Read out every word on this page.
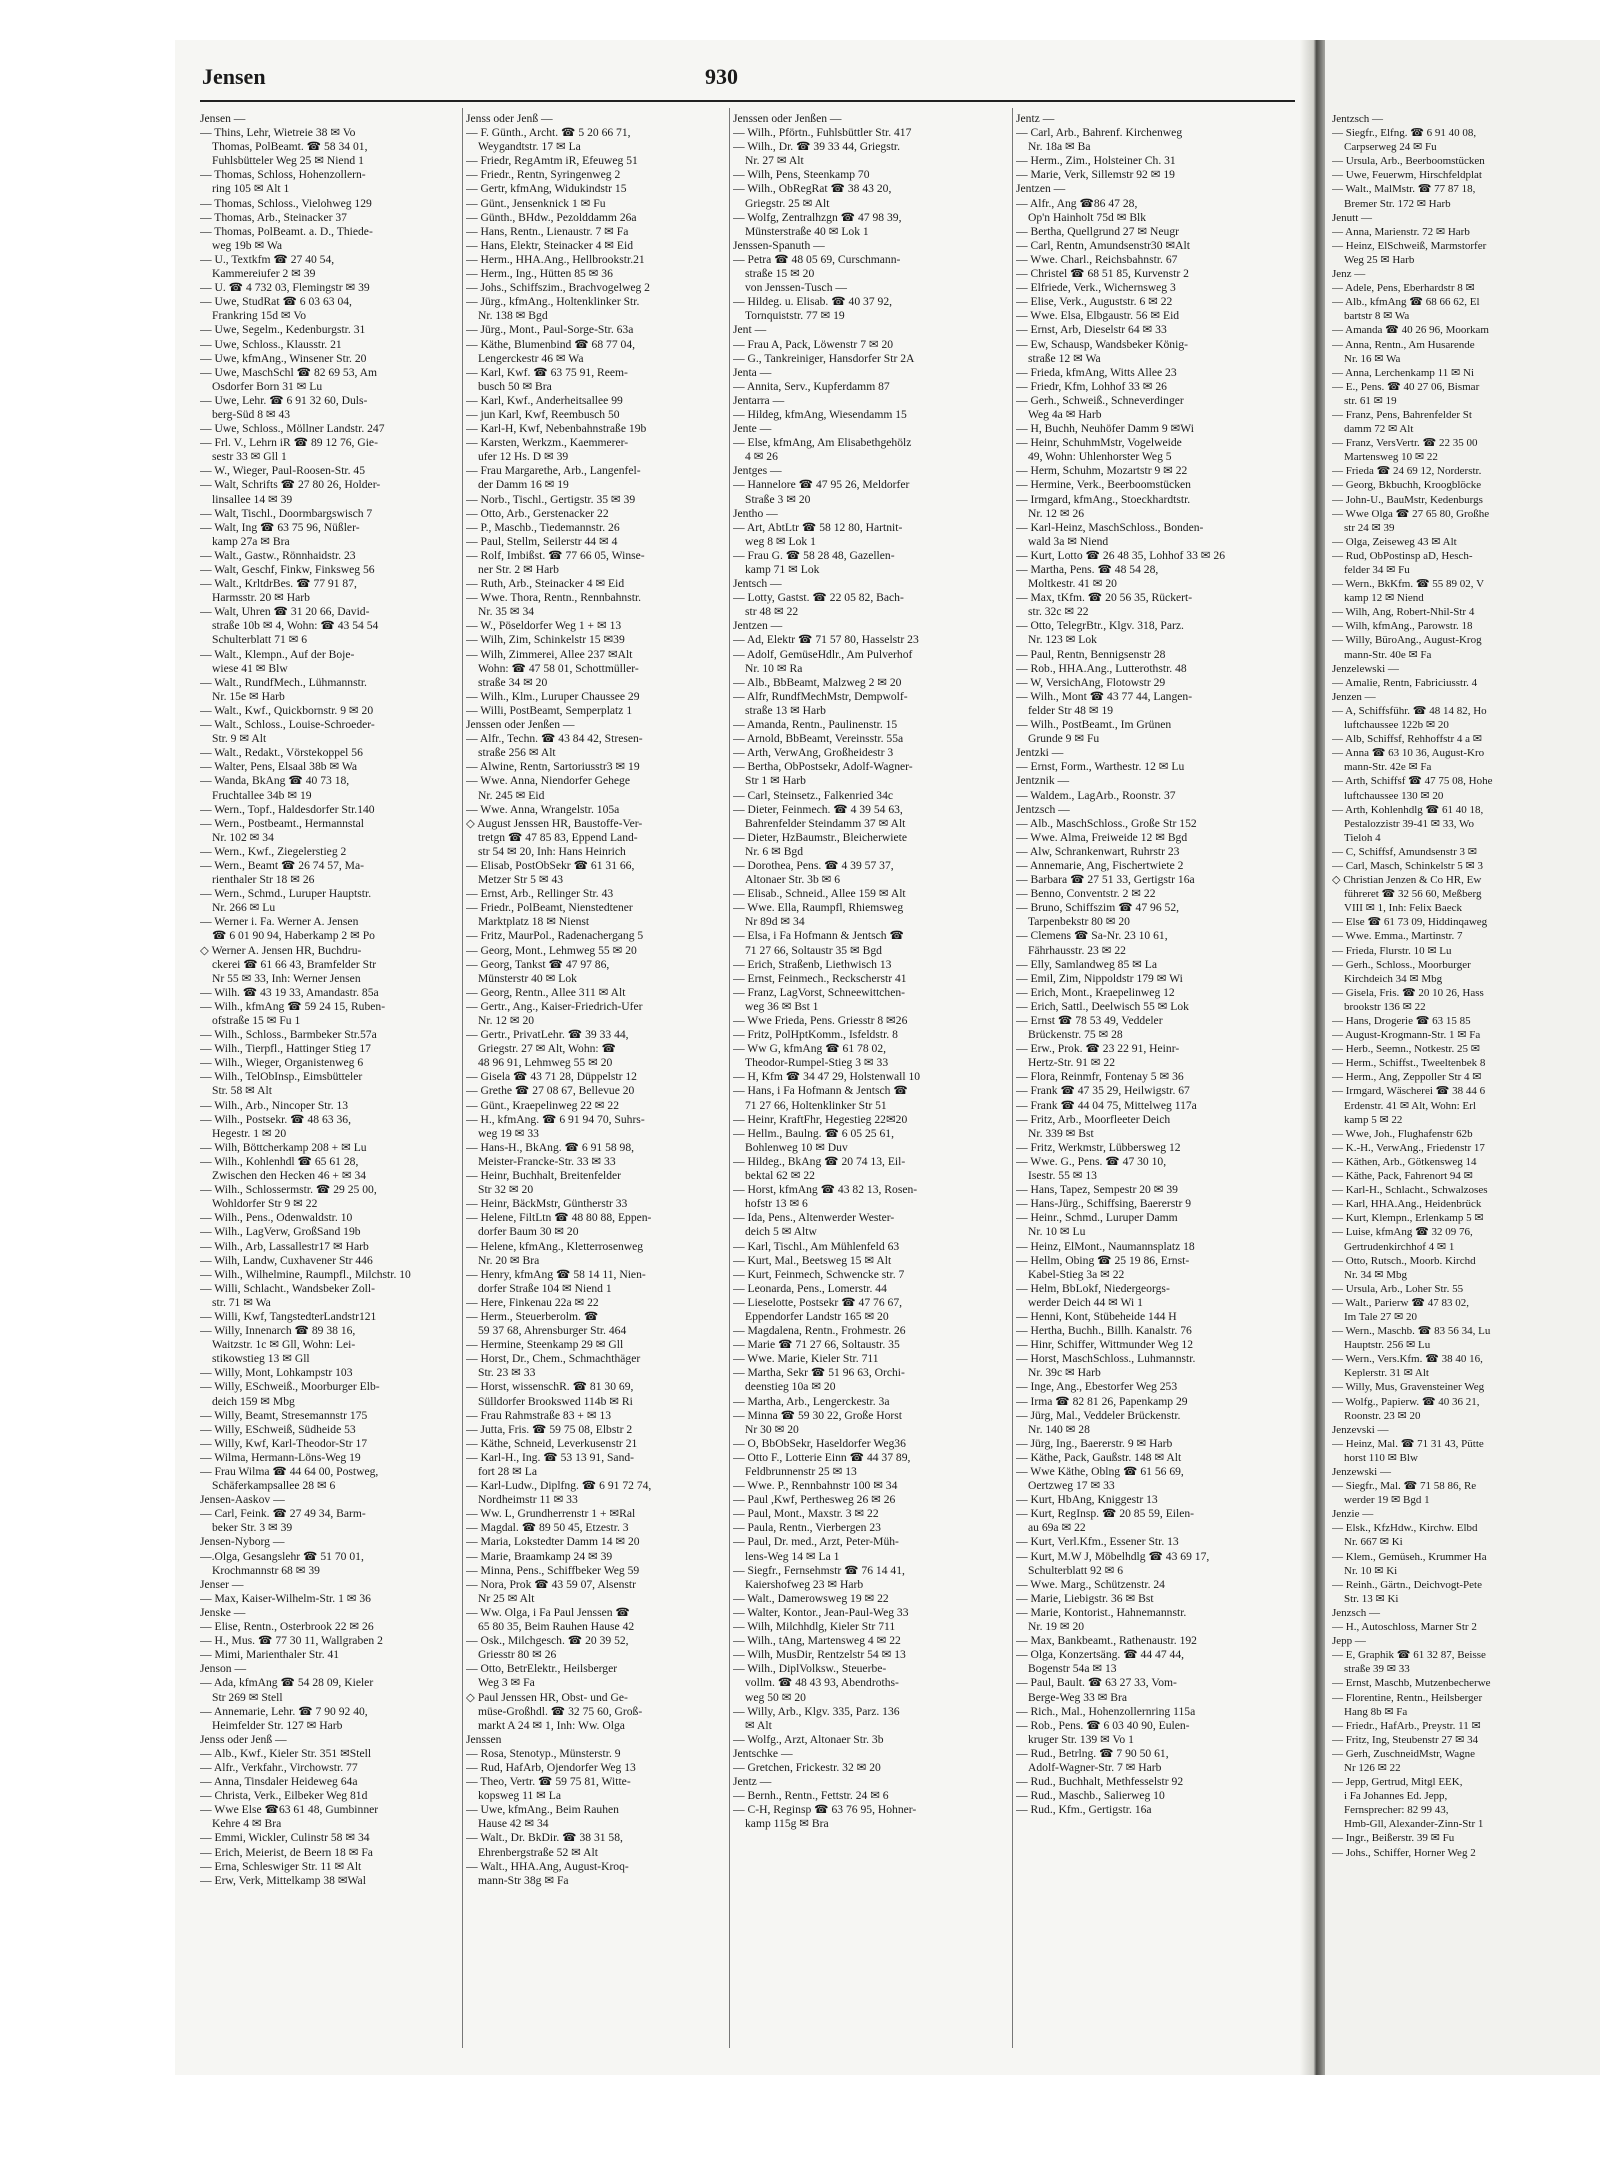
Jensen	930
Jensen —
— Thins, Lehr, Wietreie 38 ✉ Vo
Thomas, PolBeamt. ☎ 58 34 01,
Fuhlsbütteler Weg 25 ✉ Niend 1
— Thomas, Schloss, Hohenzollern-
ring 105 ✉ Alt 1
— Thomas, Schloss., Vielohweg 129
— Thomas, Arb., Steinacker 37
— Thomas, PolBeamt. a. D., Thiede-
weg 19b ✉ Wa
— U., Textkfm ☎ 27 40 54,
Kammereiufer 2 ✉ 39
— U. ☎ 4 732 03, Flemingstr ✉ 39
— Uwe, StudRat ☎ 6 03 63 04,
Frankring 15d ✉ Vo
— Uwe, Segelm., Kedenburgstr. 31
— Uwe, Schloss., Klausstr. 21
— Uwe, kfmAng., Winsener Str. 20
— Uwe, MaschSchl ☎ 82 69 53, Am
Osdorfer Born 31 ✉ Lu
— Uwe, Lehr. ☎ 6 91 32 60, Duls-
berg-Süd 8 ✉ 43
— Uwe, Schloss., Möllner Landstr. 247
— Frl. V., Lehrn iR ☎ 89 12 76, Gie-
sestr 33 ✉ Gll 1
— W., Wieger, Paul-Roosen-Str. 45
— Walt, Schrifts ☎ 27 80 26, Holder-
linsallee 14 ✉ 39
— Walt, Tischl., Doormbargswisch 7
— Walt, Ing ☎ 63 75 96, Nüßler-
kamp 27a ✉ Bra
— Walt., Gastw., Rönnhaidstr. 23
— Walt, Geschf, Finkw, Finksweg 56
— Walt., KrltdrBes. ☎ 77 91 87,
Harmsstr. 20 ✉ Harb
— Walt, Uhren ☎ 31 20 66, David-
straße 10b ✉ 4, Wohn: ☎ 43 54 54
Schulterblatt 71 ✉ 6
— Walt., Klempn., Auf der Boje-
wiese 41 ✉ Blw
— Walt., RundfMech., Lühmannstr.
Nr. 15e ✉ Harb
— Walt., Kwf., Quickbornstr. 9 ✉ 20
— Walt., Schloss., Louise-Schroeder-
Str. 9 ✉ Alt
— Walt., Redakt., Vörstekoppel 56
— Walter, Pens, Elsaal 38b ✉ Wa
— Wanda, BkAng ☎ 40 73 18,
Fruchtallee 34b ✉ 19
— Wern., Topf., Haldesdorfer Str.140
— Wern., Postbeamt., Hermannstal
Nr. 102 ✉ 34
— Wern., Kwf., Ziegelerstieg 2
— Wern., Beamt ☎ 26 74 57, Ma-
rienthaler Str 18 ✉ 26
— Wern., Schmd., Luruper Hauptstr.
Nr. 266 ✉ Lu
— Werner i. Fa. Werner A. Jensen
☎ 6 01 90 94, Haberkamp 2 ✉ Po
◇ Werner A. Jensen HR, Buchdru-
ckerei ☎ 61 66 43, Bramfelder Str
Nr 55 ✉ 33, Inh: Werner Jensen
— Wilh. ☎ 43 19 33, Amandastr. 85a
— Wilh., kfmAng ☎ 59 24 15, Ruben-
ofstraße 15 ✉ Fu 1
— Wilh., Schloss., Barmbeker Str.57a
— Wilh., Tierpfl., Hattinger Stieg 17
— Wilh., Wieger, Organistenweg 6
— Wilh., TelObInsp., Eimsbütteler
Str. 58 ✉ Alt
— Wilh., Arb., Nincoper Str. 13
— Wilh., Postsekr. ☎ 48 63 36,
Hegestr. 1 ✉ 20
— Wilh, Böttcherkamp 208 + ✉ Lu
— Wilh., Kohlenhdl ☎ 65 61 28,
Zwischen den Hecken 46 + ✉ 34
— Wilh., Schlossermstr. ☎ 29 25 00,
Wohldorfer Str 9 ✉ 22
— Wilh., Pens., Odenwaldstr. 10
— Wilh., LagVerw, GroßSand 19b
— Wilh., Arb, Lassallestr17 ✉ Harb
— Wilh, Landw, Cuxhavener Str 446
— Wilh., Wilhelmine, Raumpfl., Milchstr. 10
— Willi, Schlacht., Wandsbeker Zoll-
str. 71 ✉ Wa
— Willi, Kwf, TangstedterLandstr121
— Willy, Innenarch ☎ 89 38 16,
Waitzstr. 1c ✉ Gll, Wohn: Lei-
stikowstieg 13 ✉ Gll
— Willy, Mont, Lohkampstr 103
— Willy, ESchweiß., Moorburger Elb-
deich 159 ✉ Mbg
— Willy, Beamt, Stresemannstr 175
— Willy, ESchweiß, Südheide 53
— Willy, Kwf, Karl-Theodor-Str 17
— Wilma, Hermann-Löns-Weg 19
— Frau Wilma ☎ 44 64 00, Postweg,
Schäferkampsallee 28 ✉ 6
Jensen-Aaskov —
— Carl, Feink. ☎ 27 49 34, Barm-
beker Str. 3 ✉ 39
Jensen-Nyborg —
—.Olga, Gesangslehr ☎ 51 70 01,
Krochmannstr 68 ✉ 39
Jenser —
— Max, Kaiser-Wilhelm-Str. 1 ✉ 36
Jenske —
— Elise, Rentn., Osterbrook 22 ✉ 26
— H., Mus. ☎ 77 30 11, Wallgraben 2
— Mimi, Marienthaler Str. 41
Jenson —
— Ada, kfmAng ☎ 54 28 09, Kieler
Str 269 ✉ Stell
— Annemarie, Lehr. ☎ 7 90 92 40,
Heimfelder Str. 127 ✉ Harb
Jenss oder Jenß —
— Alb., Kwf., Kieler Str. 351 ✉Stell
— Alfr., Verkfahr., Virchowstr. 77
— Anna, Tinsdaler Heideweg 64a
— Christa, Verk., Eilbeker Weg 81d
— Wwe Else ☎63 61 48, Gumbinner
Kehre 4 ✉ Bra
— Emmi, Wickler, Culinstr 58 ✉ 34
— Erich, Meierist, de Beern 18 ✉ Fa
— Erna, Schleswiger Str. 11 ✉ Alt
— Erw, Verk, Mittelkamp 38 ✉Wal
Jenss oder Jenß —
— F. Günth., Archt. ☎ 5 20 66 71,
Weygandtstr. 17 ✉ La
— Friedr, RegAmtm iR, Efeuweg 51
— Friedr., Rentn, Syringenweg 2
— Gertr, kfmAng, Widukindstr 15
— Günt., Jensenknick 1 ✉ Fu
— Günth., BHdw., Pezolddamm 26a
— Hans, Rentn., Lienaustr. 7 ✉ Fa
— Hans, Elektr, Steinacker 4 ✉ Eid
— Herm., HHA.Ang., Hellbrookstr.21
— Herm., Ing., Hütten 85 ✉ 36
— Johs., Schiffszim., Brachvogelweg 2
— Jürg., kfmAng., Holtenklinker Str.
Nr. 138 ✉ Bgd
— Jürg., Mont., Paul-Sorge-Str. 63a
— Käthe, Blumenbind ☎ 68 77 04,
Lengerckestr 46 ✉ Wa
— Karl, Kwf. ☎ 63 75 91, Reem-
busch 50 ✉ Bra
— Karl, Kwf., Anderheitsallee 99
— jun Karl, Kwf, Reembusch 50
— Karl-H, Kwf, Nebenbahnstraße 19b
— Karsten, Werkzm., Kaemmerer-
ufer 12 Hs. D ✉ 39
— Frau Margarethe, Arb., Langenfel-
der Damm 16 ✉ 19
— Norb., Tischl., Gertigstr. 35 ✉ 39
— Otto, Arb., Gerstenacker 22
— P., Maschb., Tiedemannstr. 26
— Paul, Stellm, Seilerstr 44 ✉ 4
— Rolf, Imbißst. ☎ 77 66 05, Winse-
ner Str. 2 ✉ Harb
— Ruth, Arb., Steinacker 4 ✉ Eid
— Wwe. Thora, Rentn., Rennbahnstr.
Nr. 35 ✉ 34
— W., Pöseldorfer Weg 1 + ✉ 13
— Wilh, Zim, Schinkelstr 15 ✉39
— Wilh, Zimmerei, Allee 237 ✉Alt
Wohn: ☎ 47 58 01, Schottmüller-
straße 34 ✉ 20
— Wilh., Klm., Luruper Chaussee 29
— Willi, PostBeamt, Semperplatz 1
Jenssen oder Jenßen —
— Alfr., Techn. ☎ 43 84 42, Stresen-
straße 256 ✉ Alt
— Alwine, Rentn, Sartoriusstr3 ✉ 19
— Wwe. Anna, Niendorfer Gehege
Nr. 245 ✉ Eid
— Wwe. Anna, Wrangelstr. 105a
◇ August Jenssen HR, Baustoffe-Ver-
tretgn ☎ 47 85 83, Eppend Land-
str 54 ✉ 20, Inh: Hans Heinrich
— Elisab, PostObSekr ☎ 61 31 66,
Metzer Str 5 ✉ 43
— Ernst, Arb., Rellinger Str. 43
— Friedr., PolBeamt, Nienstedtener
Marktplatz 18 ✉ Nienst
— Fritz, MaurPol., Radenachergang 5
— Georg, Mont., Lehmweg 55 ✉ 20
— Georg, Tankst ☎ 47 97 86,
Münsterstr 40 ✉ Lok
— Georg, Rentn., Allee 311 ✉ Alt
— Gertr., Ang., Kaiser-Friedrich-Ufer
Nr. 12 ✉ 20
— Gertr., PrivatLehr. ☎ 39 33 44,
Griegstr. 27 ✉ Alt, Wohn: ☎
48 96 91, Lehmweg 55 ✉ 20
— Gisela ☎ 43 71 28, Düppelstr 12
— Grethe ☎ 27 08 67, Bellevue 20
— Günt., Kraepelinweg 22 ✉ 22
— H., kfmAng. ☎ 6 91 94 70, Suhrs-
weg 19 ✉ 33
— Hans-H., BkAng. ☎ 6 91 58 98,
Meister-Francke-Str. 33 ✉ 33
— Heinr, Buchhalt, Breitenfelder
Str 32 ✉ 20
— Heinr, BäckMstr, Güntherstr 33
— Helene, FiltLtn ☎ 48 80 88, Eppen-
dorfer Baum 30 ✉ 20
— Helene, kfmAng., Kletterrosenweg
Nr. 20 ✉ Bra
— Henry, kfmAng ☎ 58 14 11, Nien-
dorfer Straße 104 ✉ Niend 1
— Here, Finkenau 22a ✉ 22
— Herm., Steuerberolm. ☎
59 37 68, Ahrensburger Str. 464
— Hermine, Steenkamp 29 ✉ Gll
— Horst, Dr., Chem., Schmachthäger
Str. 23 ✉ 33
— Horst, wissenschR. ☎ 81 30 69,
Sülldorfer Brookswed 114b ✉ Ri
— Frau Rahmstraße 83 + ✉ 13
— Jutta, Fris. ☎ 59 75 08, Elbstr 2
— Käthe, Schneid, Leverkusenstr 21
— Karl-H., Ing. ☎ 53 13 91, Sand-
fort 28 ✉ La
— Karl-Ludw., Diplfng. ☎ 6 91 72 74,
Nordheimstr 11 ✉ 33
— Ww. L, Grundherrenstr 1 + ✉Ral
— Magdal. ☎ 89 50 45, Etzestr. 3
— Maria, Lokstedter Damm 14 ✉ 20
— Marie, Braamkamp 24 ✉ 39
— Minna, Pens., Schiffbeker Weg 59
— Nora, Prok ☎ 43 59 07, Alsenstr
Nr 25 ✉ Alt
— Ww. Olga, i Fa Paul Jenssen ☎
65 80 35, Beim Rauhen Hause 42
— Osk., Milchgesch. ☎ 20 39 52,
Griesstr 80 ✉ 26
— Otto, BetrElektr., Heilsberger
Weg 3 ✉ Fa
◇ Paul Jenssen HR, Obst- und Ge-
müse-Großhdl. ☎ 32 75 60, Groß-
markt A 24 ✉ 1, Inh: Ww. Olga
Jenssen
— Rosa, Stenotyp., Münsterstr. 9
— Rud, HafArb, Ojendorfer Weg 13
— Theo, Vertr. ☎ 59 75 81, Witte-
kopsweg 11 ✉ La
— Uwe, kfmAng., Beim Rauhen
Hause 42 ✉ 34
— Walt., Dr. BkDir. ☎ 38 31 58,
Ehrenbergstraße 52 ✉ Alt
— Walt., HHA.Ang, August-Kroq-
mann-Str 38g ✉ Fa
Jenssen oder Jenßen —
— Wilh., Pförtn., Fuhlsbüttler Str. 417
— Wilh., Dr. ☎ 39 33 44, Griegstr.
Nr. 27 ✉ Alt
— Wilh, Pens, Steenkamp 70
— Wilh., ObRegRat ☎ 38 43 20,
Griegstr. 25 ✉ Alt
— Wolfg, Zentralhzgn ☎ 47 98 39,
Münsterstraße 40 ✉ Lok 1
Jenssen-Spanuth —
— Petra ☎ 48 05 69, Curschmann-
straße 15 ✉ 20
von Jenssen-Tusch —
— Hildeg. u. Elisab. ☎ 40 37 92,
Tornquiststr. 77 ✉ 19
Jent —
— Frau A, Pack, Löwenstr 7 ✉ 20
— G., Tankreiniger, Hansdorfer Str 2A
Jenta —
— Annita, Serv., Kupferdamm 87
Jentarra —
— Hildeg, kfmAng, Wiesendamm 15
Jente —
— Else, kfmAng, Am Elisabethgehölz
4 ✉ 26
Jentges —
— Hannelore ☎ 47 95 26, Meldorfer
Straße 3 ✉ 20
Jentho —
— Art, AbtLtr ☎ 58 12 80, Hartnit-
weg 8 ✉ Lok 1
— Frau G. ☎ 58 28 48, Gazellen-
kamp 71 ✉ Lok
Jentsch —
— Lotty, Gastst. ☎ 22 05 82, Bach-
str 48 ✉ 22
Jentzen —
— Ad, Elektr ☎ 71 57 80, Hasselstr 23
— Adolf, GemüseHdlr., Am Pulverhof
Nr. 10 ✉ Ra
— Alb., BbBeamt, Malzweg 2 ✉ 20
— Alfr, RundfMechMstr, Dempwolf-
straße 13 ✉ Harb
— Amanda, Rentn., Paulinenstr. 15
— Arnold, BbBeamt, Vereinsstr. 55a
— Arth, VerwAng, Großheidestr 3
— Bertha, ObPostsekr, Adolf-Wagner-
Str 1 ✉ Harb
— Carl, Steinsetz., Falkenried 34c
— Dieter, Feinmech. ☎ 4 39 54 63,
Bahrenfelder Steindamm 37 ✉ Alt
— Dieter, HzBaumstr., Bleicherwiete
Nr. 6 ✉ Bgd
— Dorothea, Pens. ☎ 4 39 57 37,
Altonaer Str. 3b ✉ 6
— Elisab., Schneid., Allee 159 ✉ Alt
— Wwe. Ella, Raumpfl, Rhiemsweg
Nr 89d ✉ 34
— Elsa, i Fa Hofmann & Jentsch ☎
71 27 66, Soltaustr 35 ✉ Bgd
— Erich, Straßenb, Liethwisch 13
— Ernst, Feinmech., Reckscherstr 41
— Franz, LagVorst, Schneewittchen-
weg 36 ✉ Bst 1
— Wwe Frieda, Pens. Griesstr 8 ✉26
— Fritz, PolHptKomm., Isfeldstr. 8
— Ww G, kfmAng ☎ 61 78 02,
Theodor-Rumpel-Stieg 3 ✉ 33
— H, Kfm ☎ 34 47 29, Holstenwall 10
— Hans, i Fa Hofmann & Jentsch ☎
71 27 66, Holtenklinker Str 51
— Heinr, KraftFhr, Hegestieg 22✉20
— Hellm., Baulng. ☎ 6 05 25 61,
Bohlenweg 10 ✉ Duv
— Hildeg., BkAng ☎ 20 74 13, Eil-
bektal 62 ✉ 22
— Horst, kfmAng ☎ 43 82 13, Rosen-
hofstr 13 ✉ 6
— Ida, Pens., Altenwerder Wester-
deich 5 ✉ Altw
— Karl, Tischl., Am Mühlenfeld 63
— Kurt, Mal., Beetsweg 15 ✉ Alt
— Kurt, Feinmech, Schwencke str. 7
— Leonarda, Pens., Lomerstr. 44
— Lieselotte, Postsekr ☎ 47 76 67,
Eppendorfer Landstr 165 ✉ 20
— Magdalena, Rentn., Frohmestr. 26
— Marie ☎ 71 27 66, Soltaustr. 35
— Wwe. Marie, Kieler Str. 711
— Martha, Sekr ☎ 51 96 63, Orchi-
deenstieg 10a ✉ 20
— Martha, Arb., Lengerckestr. 3a
— Minna ☎ 59 30 22, Große Horst
Nr 30 ✉ 20
— O, BbObSekr, Haseldorfer Weg36
— Otto F., Lotterie Einn ☎ 44 37 89,
Feldbrunnenstr 25 ✉ 13
— Wwe. P., Rennbahnstr 100 ✉ 34
— Paul ,Kwf, Perthesweg 26 ✉ 26
— Paul, Mont., Maxstr. 3 ✉ 22
— Paula, Rentn., Vierbergen 23
— Paul, Dr. med., Arzt, Peter-Müh-
lens-Weg 14 ✉ La 1
— Siegfr., Fernsehmstr ☎ 76 14 41,
Kaiershofweg 23 ✉ Harb
— Walt., Damerowsweg 19 ✉ 22
— Walter, Kontor., Jean-Paul-Weg 33
— Wilh, Milchhdlg, Kieler Str 711
— Wilh., tAng, Martensweg 4 ✉ 22
— Wilh, MusDir, Rentzelstr 54 ✉ 13
— Wilh., DiplVolksw., Steuerbe-
vollm. ☎ 48 43 93, Abendroths-
weg 50 ✉ 20
— Willy, Arb., Klgv. 335, Parz. 136
✉ Alt
— Wolfg., Arzt, Altonaer Str. 3b
Jentschke —
— Gretchen, Frickestr. 32 ✉ 20
Jentz —
— Bernh., Rentn., Fettstr. 24 ✉ 6
— C-H, Reginsp ☎ 63 76 95, Hohner-
kamp 115g ✉ Bra
Jentz —
— Carl, Arb., Bahrenf. Kirchenweg
Nr. 18a ✉ Ba
— Herm., Zim., Holsteiner Ch. 31
— Marie, Verk, Sillemstr 92 ✉ 19
Jentzen —
— Alfr., Ang ☎86 47 28,
Op'n Hainholt 75d ✉ Blk
— Bertha, Quellgrund 27 ✉ Neugr
— Carl, Rentn, Amundsenstr30 ✉Alt
— Wwe. Charl., Reichsbahnstr. 67
— Christel ☎ 68 51 85, Kurvenstr 2
— Elfriede, Verk., Wichernsweg 3
— Elise, Verk., Auguststr. 6 ✉ 22
— Wwe. Elsa, Elbgaustr. 56 ✉ Eid
— Ernst, Arb, Dieselstr 64 ✉ 33
— Ew, Schausp, Wandsbeker König-
straße 12 ✉ Wa
— Frieda, kfmAng, Witts Allee 23
— Friedr, Kfm, Lohhof 33 ✉ 26
— Gerh., Schweiß., Schneverdinger
Weg 4a ✉ Harb
— H, Buchh, Neuhöfer Damm 9 ✉Wi
— Heinr, SchuhmMstr, Vogelweide
49, Wohn: Uhlenhorster Weg 5
— Herm, Schuhm, Mozartstr 9 ✉ 22
— Hermine, Verk., Beerboomstücken
— Irmgard, kfmAng., Stoeckhardtstr.
Nr. 12 ✉ 26
— Karl-Heinz, MaschSchloss., Bonden-
wald 3a ✉ Niend
— Kurt, Lotto ☎ 26 48 35, Lohhof 33 ✉ 26
— Martha, Pens. ☎ 48 54 28,
Moltkestr. 41 ✉ 20
— Max, tKfm. ☎ 20 56 35, Rückert-
str. 32c ✉ 22
— Otto, TelegrBtr., Klgv. 318, Parz.
Nr. 123 ✉ Lok
— Paul, Rentn, Bennigsenstr 28
— Rob., HHA.Ang., Lutterothstr. 48
— W, VersichAng, Flotowstr 29
— Wilh., Mont ☎ 43 77 44, Langen-
felder Str 48 ✉ 19
— Wilh., PostBeamt., Im Grünen
Grunde 9 ✉ Fu
Jentzki —
— Ernst, Form., Warthestr. 12 ✉ Lu
Jentznik —
— Waldem., LagArb., Roonstr. 37
Jentzsch —
— Alb., MaschSchloss., Große Str 152
— Wwe. Alma, Freiweide 12 ✉ Bgd
— Alw, Schrankenwart, Ruhrstr 23
— Annemarie, Ang, Fischertwiete 2
— Barbara ☎ 27 51 33, Gertigstr 16a
— Benno, Conventstr. 2 ✉ 22
— Bruno, Schiffszim ☎ 47 96 52,
Tarpenbekstr 80 ✉ 20
— Clemens ☎ Sa-Nr. 23 10 61,
Fährhausstr. 23 ✉ 22
— Elly, Samlandweg 85 ✉ La
— Emil, Zim, Nippoldstr 179 ✉ Wi
— Erich, Mont., Kraepelinweg 12
— Erich, Sattl., Deelwisch 55 ✉ Lok
— Ernst ☎ 78 53 49, Veddeler
Brückenstr. 75 ✉ 28
— Erw., Prok. ☎ 23 22 91, Heinr-
Hertz-Str. 91 ✉ 22
— Flora, Reinmfr, Fontenay 5 ✉ 36
— Frank ☎ 47 35 29, Heilwigstr. 67
— Frank ☎ 44 04 75, Mittelweg 117a
— Fritz, Arb., Moorfleeter Deich
Nr. 339 ✉ Bst
— Fritz, Werkmstr, Lübbersweg 12
— Wwe. G., Pens. ☎ 47 30 10,
Isestr. 55 ✉ 13
— Hans, Tapez, Sempestr 20 ✉ 39
— Hans-Jürg., Schiffsing, Baererstr 9
— Heinr., Schmd., Luruper Damm
Nr. 10 ✉ Lu
— Heinz, ElMont., Naumannsplatz 18
— Hellm, Obing ☎ 25 19 86, Ernst-
Kabel-Stieg 3a ✉ 22
— Helm, BbLokf, Niedergeorgs-
werder Deich 44 ✉ Wi 1
— Henni, Kont, Stübeheide 144 H
— Hertha, Buchh., Billh. Kanalstr. 76
— Hinr, Schiffer, Wittmunder Weg 12
— Horst, MaschSchloss., Luhmannstr.
Nr. 39c ✉ Harb
— Inge, Ang., Ebestorfer Weg 253
— Irma ☎ 82 81 26, Papenkamp 29
— Jürg, Mal., Veddeler Brückenstr.
Nr. 140 ✉ 28
— Jürg, Ing., Baererstr. 9 ✉ Harb
— Käthe, Pack, Gaußstr. 148 ✉ Alt
— Wwe Käthe, Oblng ☎ 61 56 69,
Oertzweg 17 ✉ 33
— Kurt, HbAng, Kniggestr 13
— Kurt, RegInsp. ☎ 20 85 59, Eilen-
au 69a ✉ 22
— Kurt, Verl.Kfm., Essener Str. 13
— Kurt, M.W J, Möbelhdlg ☎ 43 69 17,
Schulterblatt 92 ✉ 6
— Wwe. Marg., Schützenstr. 24
— Marie, Liebigstr. 36 ✉ Bst
— Marie, Kontorist., Hahnemannstr.
Nr. 19 ✉ 20
— Max, Bankbeamt., Rathenaustr. 192
— Olga, Konzertsäng. ☎ 44 47 44,
Bogenstr 54a ✉ 13
— Paul, Bault. ☎ 63 27 33, Vom-
Berge-Weg 33 ✉ Bra
— Rich., Mal., Hohenzollernring 115a
— Rob., Pens. ☎ 6 03 40 90, Eulen-
kruger Str. 139 ✉ Vo 1
— Rud., Betrlng. ☎ 7 90 50 61,
Adolf-Wagner-Str. 7 ✉ Harb
— Rud., Buchhalt, Methfesselstr 92
— Rud., Maschb., Salierweg 10
— Rud., Kfm., Gertigstr. 16a
Jentzsch —
— Siegfr., Elfng. ☎ 6 91 40 08,
Carpserweg 24 ✉ Fu
— Ursula, Arb., Beerboomstücken
— Uwe, Feuerwm, Hirschfeldplat
— Walt., MalMstr. ☎ 77 87 18,
Bremer Str. 172 ✉ Harb
Jenutt —
— Anna, Marienstr. 72 ✉ Harb
— Heinz, ElSchweiß, Marmstorfer
Weg 25 ✉ Harb
Jenz —
— Adele, Pens, Eberhardstr 8 ✉
— Alb., kfmAng ☎ 68 66 62, El
bartstr 8 ✉ Wa
— Amanda ☎ 40 26 96, Moorkam
— Anna, Rentn., Am Husarende
Nr. 16 ✉ Wa
— Anna, Lerchenkamp 11 ✉ Ni
— E., Pens. ☎ 40 27 06, Bismar
str. 61 ✉ 19
— Franz, Pens, Bahrenfelder St
damm 72 ✉ Alt
— Franz, VersVertr. ☎ 22 35 00
Martensweg 10 ✉ 22
— Frieda ☎ 24 69 12, Norderstr.
— Georg, Bkbuchh, Kroogblöcke
— John-U., BauMstr, Kedenburgs
— Wwe Olga ☎ 27 65 80, Großhe
str 24 ✉ 39
— Olga, Zeiseweg 43 ✉ Alt
— Rud, ObPostinsp aD, Hesch-
felder 34 ✉ Fu
— Wern., BkKfm. ☎ 55 89 02, V
kamp 12 ✉ Niend
— Wilh, Ang, Robert-Nhil-Str 4
— Wilh, kfmAng., Parowstr. 18
— Willy, BüroAng., August-Krog
mann-Str. 40e ✉ Fa
Jenzelewski —
— Amalie, Rentn, Fabriciusstr. 4
Jenzen —
— A, Schiffsführ. ☎ 48 14 82, Ho
luftchaussee 122b ✉ 20
— Alb, Schiffsf, Rehhoffstr 4 a ✉
— Anna ☎ 63 10 36, August-Kro
mann-Str. 42e ✉ Fa
— Arth, Schiffsf ☎ 47 75 08, Hohe
luftchaussee 130 ✉ 20
— Arth, Kohlenhdlg ☎ 61 40 18,
Pestalozzistr 39-41 ✉ 33, Wo
Tieloh 4
— C, Schiffsf, Amundsenstr 3 ✉
— Carl, Masch, Schinkelstr 5 ✉ 3
◇ Christian Jenzen & Co HR, Ew
führeret ☎ 32 56 60, Meßberg
VIII ✉ 1, Inh: Felix Baeck
— Else ☎ 61 73 09, Hiddinqaweg
— Wwe. Emma., Martinstr. 7
— Frieda, Flurstr. 10 ✉ Lu
— Gerh., Schloss., Moorburger
Kirchdeich 34 ✉ Mbg
— Gisela, Fris. ☎ 20 10 26, Hass
brookstr 136 ✉ 22
— Hans, Drogerie ☎ 63 15 85
— August-Krogmann-Str. 1 ✉ Fa
— Herb., Seemn., Notkestr. 25 ✉
— Herm., Schiffst., Tweeltenbek 8
— Herm., Ang, Zeppoller Str 4 ✉
— Irmgard, Wäscherei ☎ 38 44 6
Erdenstr. 41 ✉ Alt, Wohn: Erl
kamp 5 ✉ 22
— Wwe, Joh., Flughafenstr 62b
— K.-H., VerwAng., Friedenstr 17
— Käthen, Arb., Götkensweg 14
— Käthe, Pack, Fahrenort 94 ✉
— Karl-H., Schlacht., Schwalzoses
— Karl, HHA.Ang., Heidenbrück
— Kurt, Klempn., Erlenkamp 5 ✉
— Luise, kfmAng ☎ 32 09 76,
Gertrudenkirchhof 4 ✉ 1
— Otto, Rutsch., Moorb. Kirchd
Nr. 34 ✉ Mbg
— Ursula, Arb., Loher Str. 55
— Walt., Parierw ☎ 47 83 02,
Im Tale 27 ✉ 20
— Wern., Maschb. ☎ 83 56 34, Lu
Hauptstr. 256 ✉ Lu
— Wern., Vers.Kfm. ☎ 38 40 16,
Keplerstr. 31 ✉ Alt
— Willy, Mus, Gravensteiner Weg
— Wolfg., Papierw. ☎ 40 36 21,
Roonstr. 23 ✉ 20
Jenzevski —
— Heinz, Mal. ☎ 71 31 43, Pütte
horst 110 ✉ Blw
Jenzewski —
— Siegfr., Mal. ☎ 71 58 86, Re
werder 19 ✉ Bgd 1
Jenzie —
— Elsk., KfzHdw., Kirchw. Elbd
Nr. 667 ✉ Ki
— Klem., Gemüseh., Krummer Ha
Nr. 10 ✉ Ki
— Reinh., Gärtn., Deichvogt-Pete
Str. 13 ✉ Ki
Jenzsch —
— H., Autoschloss, Marner Str 2
Jepp —
— E, Graphik ☎ 61 32 87, Beisse
straße 39 ✉ 33
— Ernst, Maschb, Mutzenbecherwe
— Florentine, Rentn., Heilsberger
Hang 8b ✉ Fa
— Friedr., HafArb., Preystr. 11 ✉
— Fritz, Ing, Steubenstr 27 ✉ 34
— Gerh, ZuschneidMstr, Wagne
Nr 126 ✉ 22
— Jepp, Gertrud, Mitgl EEK,
i Fa Johannes Ed. Jepp,
Fernsprecher: 82 99 43,
Hmb-Gll, Alexander-Zinn-Str 1
— Ingr., Beißerstr. 39 ✉ Fu
— Johs., Schiffer, Horner Weg 2
